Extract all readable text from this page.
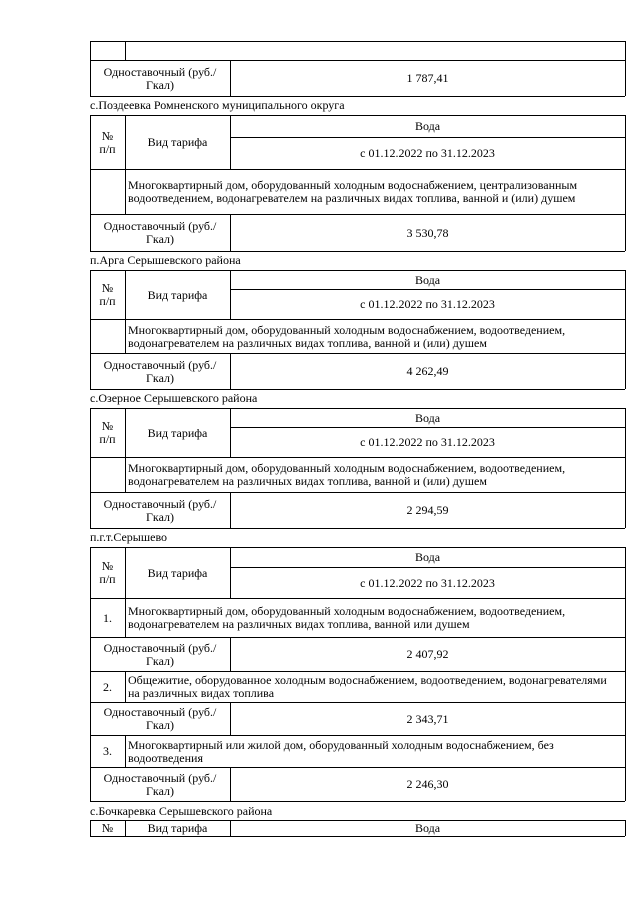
Одноставочный (руб./Гкал)	1 787,41
с.Поздеевка Ромненского муниципального округа
№ п/п	Вид тарифа
Вода
с 01.12.2022 по 31.12.2023
Многоквартирный дом, оборудованный холодным водоснабжением, централизованным водоотведением, водонагревателем на различных видах топлива, ванной и (или) душем
Одноставочный (руб./Гкал)	3 530,78
п.Арга Серышевского района
№ п/п	Вид тарифа
Вода
с 01.12.2022 по 31.12.2023
Многоквартирный дом, оборудованный холодным водоснабжением, водоотведением, водонагревателем на различных видах топлива, ванной и (или) душем
Одноставочный (руб./Гкал)	4 262,49
с.Озерное Серышевского района
№ п/п	Вид тарифа
Вода
с 01.12.2022 по 31.12.2023
Многоквартирный дом, оборудованный холодным водоснабжением, водоотведением, водонагревателем на различных видах топлива, ванной и (или) душем
Одноставочный (руб./Гкал)	2 294,59
п.г.т.Серышево
№ п/п	Вид тарифа
Вода
с 01.12.2022 по 31.12.2023
1.	Многоквартирный дом, оборудованный холодным водоснабжением, водоотведением, водонагревателем на различных видах топлива, ванной или душем
Одноставочный (руб./Гкал)	2 407,92
2.	Общежитие, оборудованное холодным водоснабжением, водоотведением, водонагревателями на различных видах топлива
Одноставочный (руб./Гкал)	2 343,71
3.	Многоквартирный или жилой дом, оборудованный холодным водоснабжением, без водоотведения
Одноставочный (руб./Гкал)	2 246,30
с.Бочкаревка Серышевского района
№	Вид тарифа	Вода
